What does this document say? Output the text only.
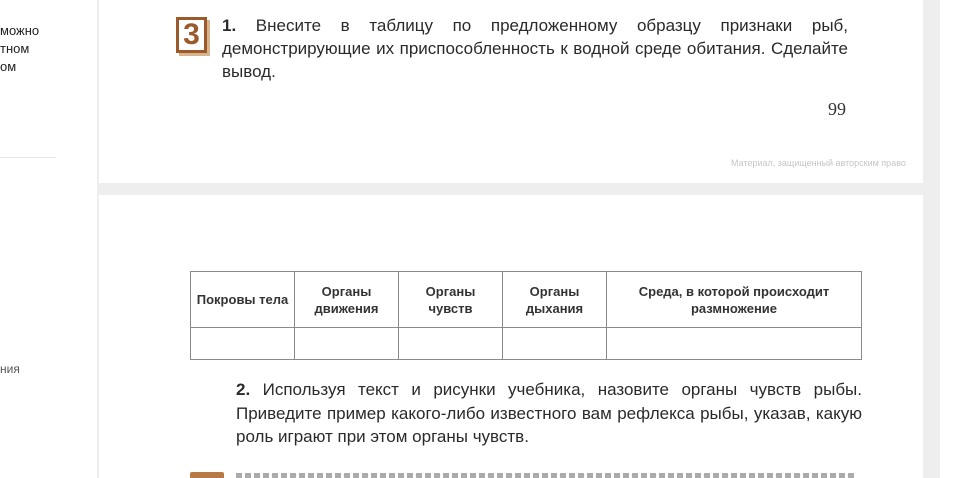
можно
тном
ом
ния
3	1. Внесите в таблицу по предложенному образцу признаки рыб, демонстрирующие их приспособленность к водной среде обитания. Сделайте вывод.
99
Материал, защищенный авторским право
Покровы тела	Органы движения	Органы чувств	Органы дыхания	Среда, в которой происходит размножение

2. Используя текст и рисунки учебника, назовите органы чувств рыбы. Приведите пример какого-либо известного вам рефлекса рыбы, указав, какую роль играют при этом органы чувств.
